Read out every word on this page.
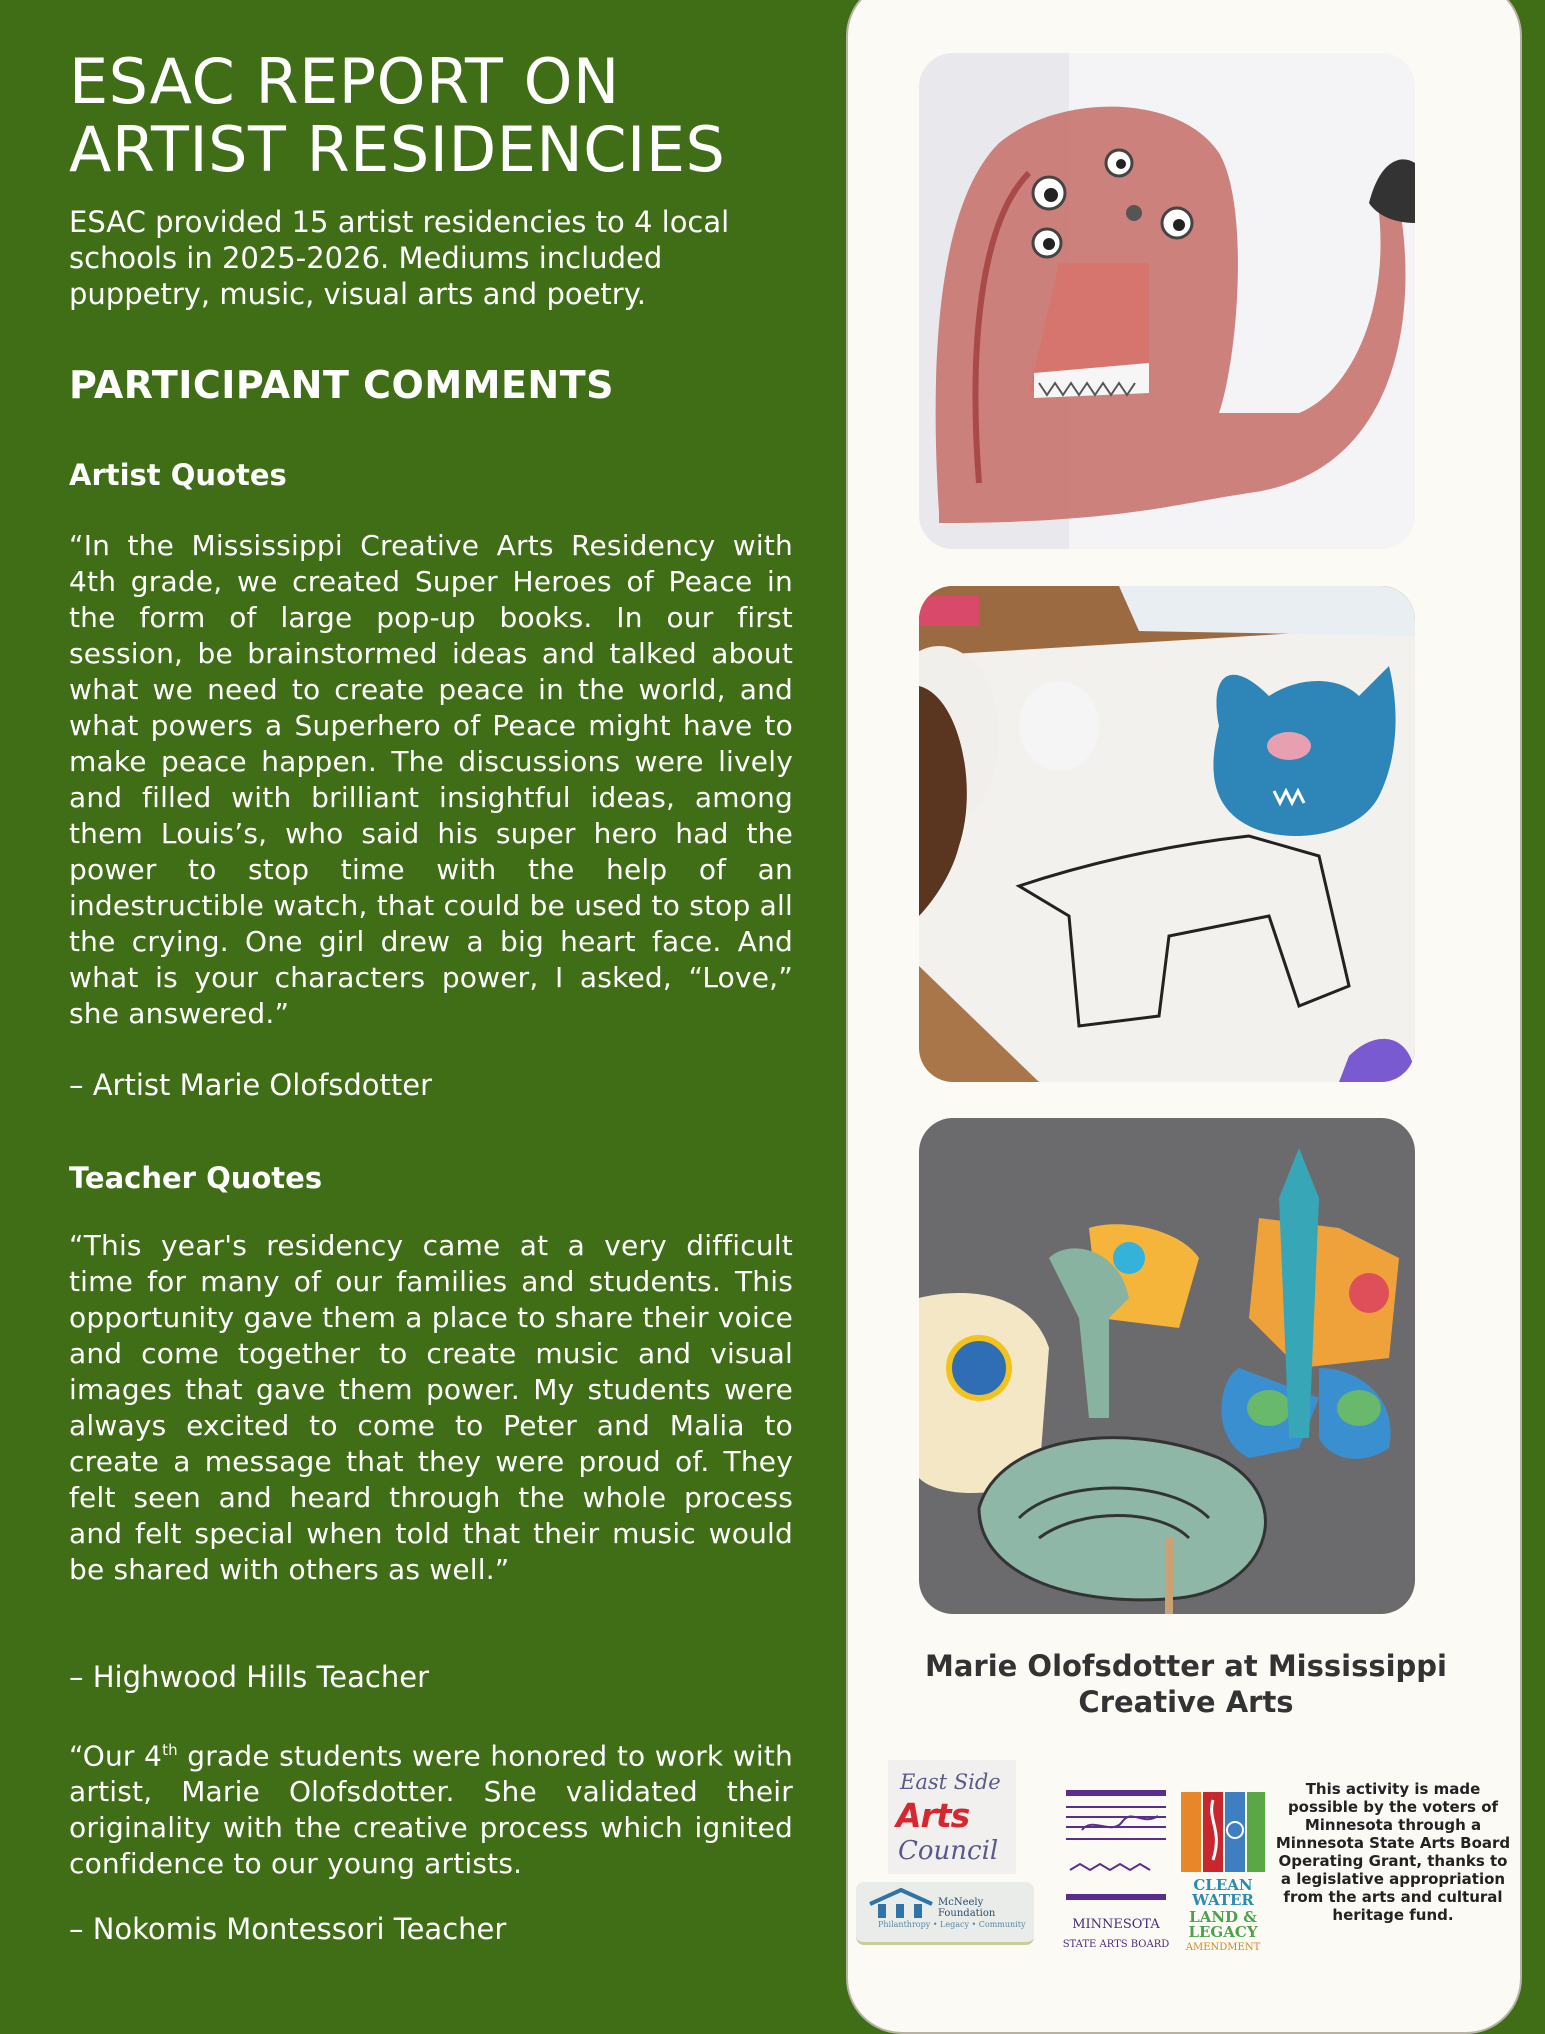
ESAC REPORT ON
ARTIST RESIDENCIES

ESAC provided 15 artist residencies to 4 local schools in 2025-2026. Mediums included puppetry, music, visual arts and poetry.

PARTICIPANT COMMENTS
Artist Quotes

“In the Mississippi Creative Arts Residency with 4th grade, we created Super Heroes of Peace in the form of large pop-up books. In our first session, be brainstormed ideas and talked about what we need to create peace in the world, and what powers a Superhero of Peace might have to make peace happen. The discussions were lively and filled with brilliant insightful ideas, among them Louis’s, who said his super hero had the power to stop time with the help of an indestructible watch, that could be used to stop all the crying. One girl drew a big heart face. And what is your characters power, I asked, “Love,” she answered.”

– Artist Marie Olofsdotter

Teacher Quotes

“This year's residency came at a very difficult time for many of our families and students. This opportunity gave them a place to share their voice and come together to create music and visual images that gave them power. My students were always excited to come to Peter and Malia to create a message that they were proud of. They felt seen and heard through the whole process and felt special when told that their music would be shared with others as well.”

– Highwood Hills Teacher

“Our 4th grade students were honored to work with artist, Marie Olofsdotter. She validated their originality with the creative process which ignited confidence to our young artists.

– Nokomis Montessori Teacher

Marie Olofsdotter at Mississippi Creative Arts
East Side
Arts
Council
McNeely Foundation
Philanthropy • Legacy • Community	MINNESOTA
STATE ARTS BOARD
CLEAN WATER
LAND & LEGACY
AMENDMENT

This activity is made possible by the voters of Minnesota through a Minnesota State Arts Board Operating Grant, thanks to a legislative appropriation from the arts and cultural heritage fund.
